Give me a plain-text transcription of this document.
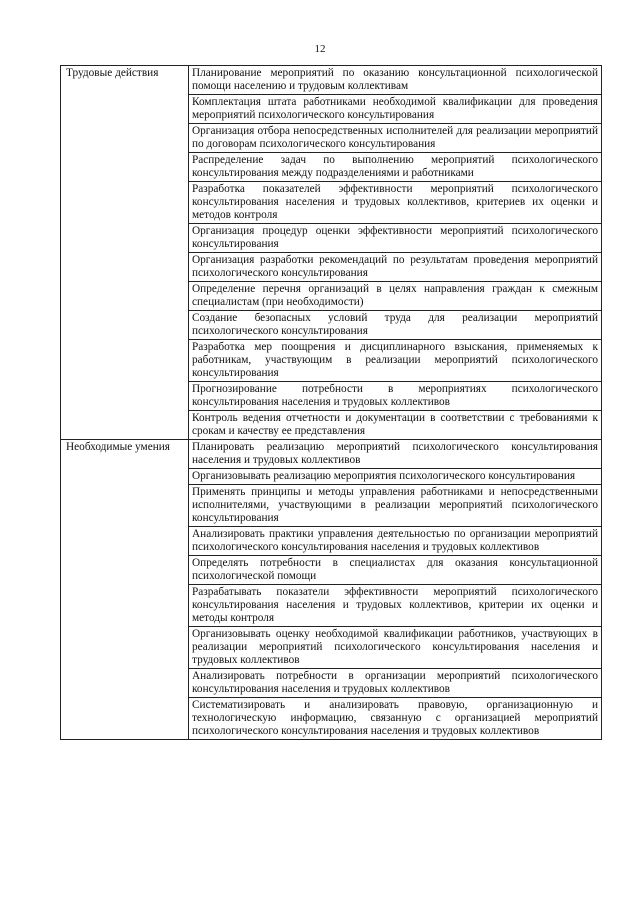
12
Трудовые действия	Планирование мероприятий по оказанию консультационной психологической помощи населению и трудовым коллективам
	Комплектация штата работниками необходимой квалификации для проведения мероприятий психологического консультирования
	Организация отбора непосредственных исполнителей для реализации мероприятий по договорам психологического консультирования
	Распределение задач по выполнению мероприятий психологического консультирования между подразделениями и работниками
	Разработка показателей эффективности мероприятий психологического консультирования населения и трудовых коллективов, критериев их оценки и методов контроля
	Организация процедур оценки эффективности мероприятий психологического консультирования
	Организация разработки рекомендаций по результатам проведения мероприятий психологического консультирования
	Определение перечня организаций в целях направления граждан к смежным специалистам (при необходимости)
	Создание безопасных условий труда для реализации мероприятий психологического консультирования
	Разработка мер поощрения и дисциплинарного взыскания, применяемых к работникам, участвующим в реализации мероприятий психологического консультирования
	Прогнозирование потребности в мероприятиях психологического консультирования населения и трудовых коллективов
	Контроль ведения отчетности и документации в соответствии с требованиями к срокам и качеству ее представления
Необходимые умения	Планировать реализацию мероприятий психологического консультирования населения и трудовых коллективов
	Организовывать реализацию мероприятия психологического консультирования
	Применять принципы и методы управления работниками и непосредственными исполнителями, участвующими в реализации мероприятий психологического консультирования
	Анализировать практики управления деятельностью по организации мероприятий психологического консультирования населения и трудовых коллективов
	Определять потребности в специалистах для оказания консультационной психологической помощи
	Разрабатывать показатели эффективности мероприятий психологического консультирования населения и трудовых коллективов, критерии их оценки и методы контроля
	Организовывать оценку необходимой квалификации работников, участвующих в реализации мероприятий психологического консультирования населения и трудовых коллективов
	Анализировать потребности в организации мероприятий психологического консультирования населения и трудовых коллективов
	Систематизировать и анализировать правовую, организационную и технологическую информацию, связанную с организацией мероприятий психологического консультирования населения и трудовых коллективов
